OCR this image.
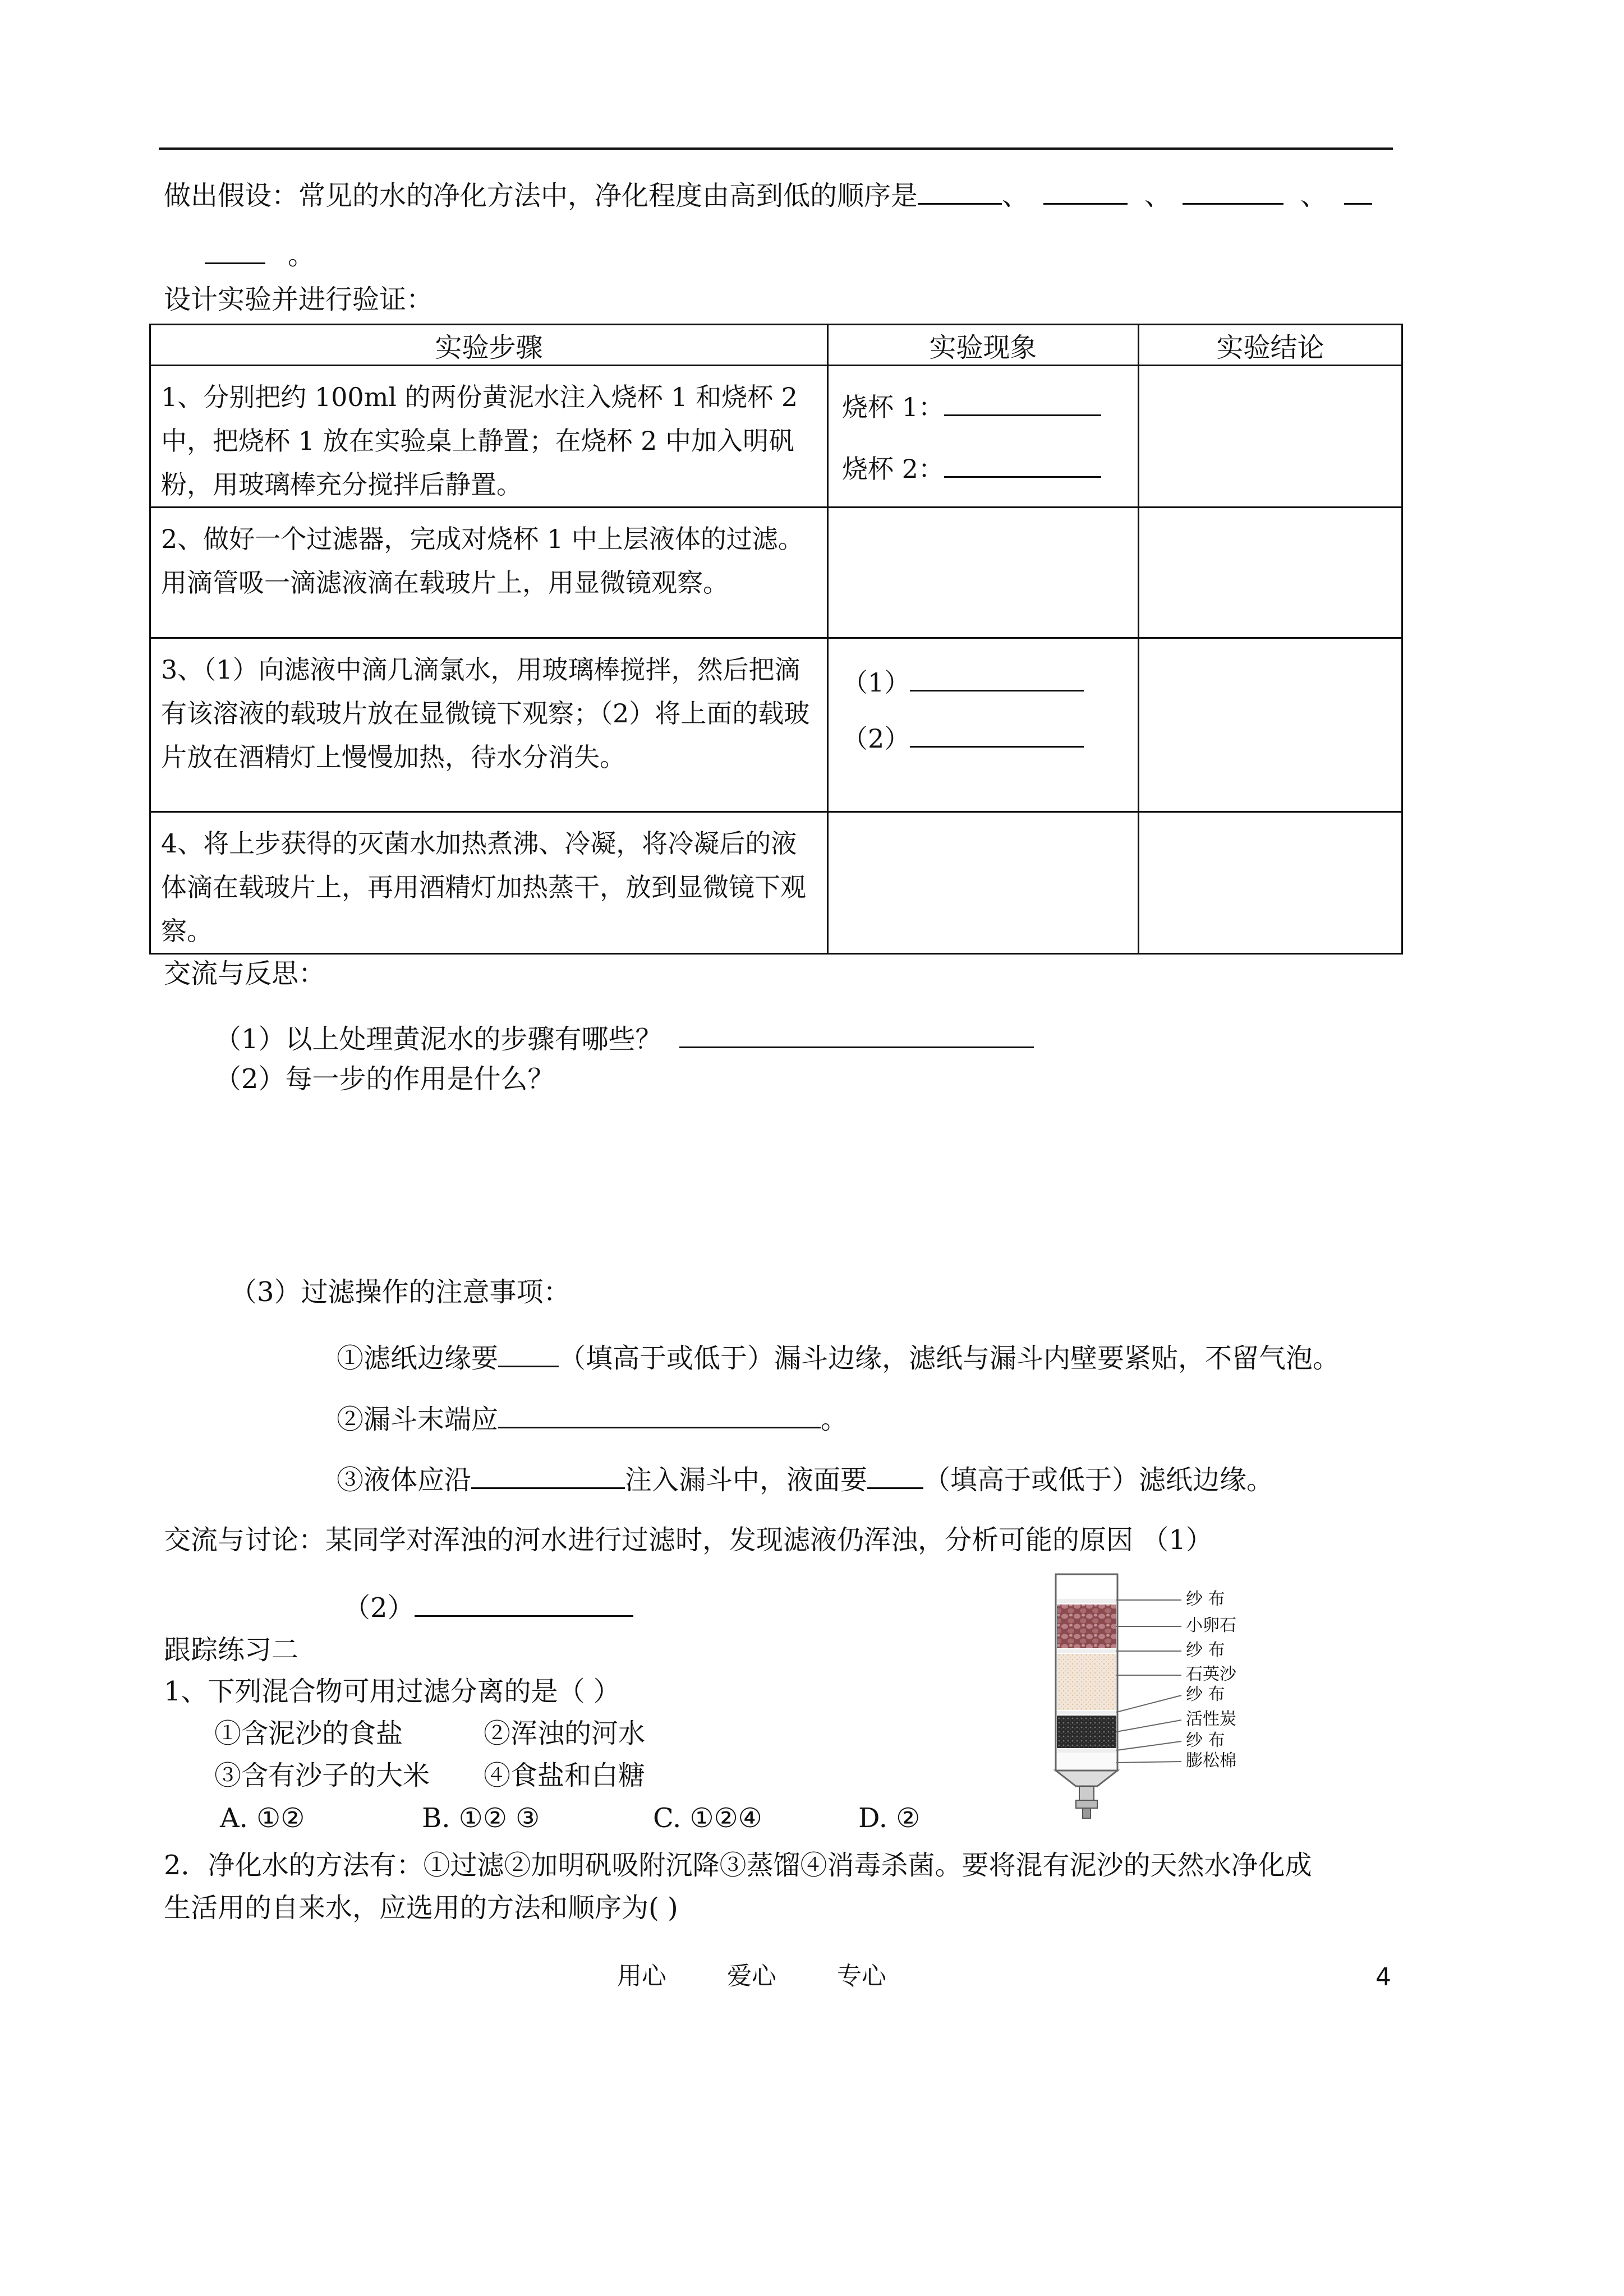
做出假设：常见的水的净化方法中，净化程度由高到低的顺序是	、	、	、
。
设计实验并进行验证：
实验步骤	实验现象	实验结论

1、分别把约 100ml 的两份黄泥水注入烧杯 1 和烧杯 2 中，把烧杯 1 放在实验桌上静置；在烧杯 2 中加入明矾粉，用玻璃棒充分搅拌后静置。	烧杯 1：
烧杯 2：	

2、做好一个过滤器，完成对烧杯 1 中上层液体的过滤。用滴管吸一滴滤液滴在载玻片上，用显微镜观察。		

3、（1）向滤液中滴几滴氯水，用玻璃棒搅拌，然后把滴有该溶液的载玻片放在显微镜下观察；（2）将上面的载玻片放在酒精灯上慢慢加热，待水分消失。	（1）
（2）	

4、将上步获得的灭菌水加热煮沸、冷凝，将冷凝后的液体滴在载玻片上，再用酒精灯加热蒸干，放到显微镜下观察。		

交流与反思：
（1）以上处理黄泥水的步骤有哪些？
（2）每一步的作用是什么？
（3）过滤操作的注意事项：
①滤纸边缘要 （填高于或低于）漏斗边缘，滤纸与漏斗内壁要紧贴，不留气泡。
②漏斗末端应	。
③液体应沿	注入漏斗中，液面要 （填高于或低于）滤纸边缘。
交流与讨论：某同学对浑浊的河水进行过滤时，发现滤液仍浑浊，分析可能的原因 （1）
（2）
跟踪练习二
1、下列混合物可用过滤分离的是（ ）
①含泥沙的食盐	②浑浊的河水
③含有沙子的大米 ④食盐和白糖
A. ①②	B. ①② ③	C. ①②④	D. ②
2．净化水的方法有：①过滤②加明矾吸附沉降③蒸馏④消毒杀菌。要将混有泥沙的天然水净化成
生活用的自来水，应选用的方法和顺序为( )
纱 布
小卵石
纱 布
石英沙
纱 布
活性炭
纱 布
膨松棉
用心 爱心 专心	4
